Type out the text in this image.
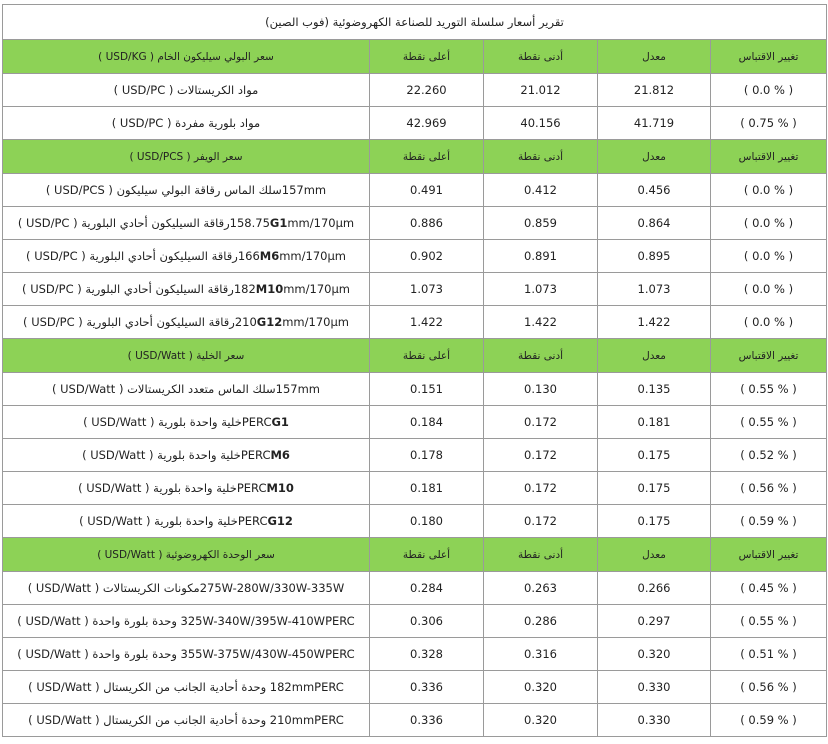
تقرير أسعار سلسلة التوريد للصناعة الكهروضوئية (فوب الصين)				
سعر البولي سيليكون الخام ( USD/KG )	أعلى نقطة	أدنى نقطة	معدل	تغيير الاقتباس
مواد الكريستالات ( USD/PC )	22.260	21.012	21.812	( 0.0 % )
مواد بلورية مفردة ( USD/PC )	42.969	40.156	41.719	( 0.75 % )
سعر الويفر ( USD/PCS )	أعلى نقطة	أدنى نقطة	معدل	تغيير الاقتباس
157mmسلك الماس رقاقة البولي سيليكون ( USD/PCS )	0.491	0.412	0.456	( 0.0 % )
158.75G1mm/170μmرقاقة السيليكون أحادي البلورية ( USD/PC )	0.886	0.859	0.864	( 0.0 % )
166M6mm/170μmرقاقة السيليكون أحادي البلورية ( USD/PC )	0.902	0.891	0.895	( 0.0 % )
182M10mm/170μmرقاقة السيليكون أحادي البلورية ( USD/PC )	1.073	1.073	1.073	( 0.0 % )
210G12mm/170μmرقاقة السيليكون أحادي البلورية ( USD/PC )	1.422	1.422	1.422	( 0.0 % )
سعر الخلية ( USD/Watt )	أعلى نقطة	أدنى نقطة	معدل	تغيير الاقتباس
157mmسلك الماس متعدد الكريستالات ( USD/Watt )	0.151	0.130	0.135	( 0.55 % )
PERCG1خلية واحدة بلورية ( USD/Watt )	0.184	0.172	0.181	( 0.55 % )
PERCM6خلية واحدة بلورية ( USD/Watt )	0.178	0.172	0.175	( 0.52 % )
PERCM10خلية واحدة بلورية ( USD/Watt )	0.181	0.172	0.175	( 0.56 % )
PERCG12خلية واحدة بلورية ( USD/Watt )	0.180	0.172	0.175	( 0.59 % )
سعر الوحدة الكهروضوئية ( USD/Watt )	أعلى نقطة	أدنى نقطة	معدل	تغيير الاقتباس
275W-280W/330W-335Wمكونات الكريستالات ( USD/Watt )	0.284	0.263	0.266	( 0.45 % )
325W-340W/395W-410WPERC وحدة بلورة واحدة ( USD/Watt )	0.306	0.286	0.297	( 0.55 % )
355W-375W/430W-450WPERC وحدة بلورة واحدة ( USD/Watt )	0.328	0.316	0.320	( 0.51 % )
182mmPERC وحدة أحادية الجانب من الكريستال ( USD/Watt )	0.336	0.320	0.330	( 0.56 % )
210mmPERC وحدة أحادية الجانب من الكريستال ( USD/Watt )	0.336	0.320	0.330	( 0.59 % )
